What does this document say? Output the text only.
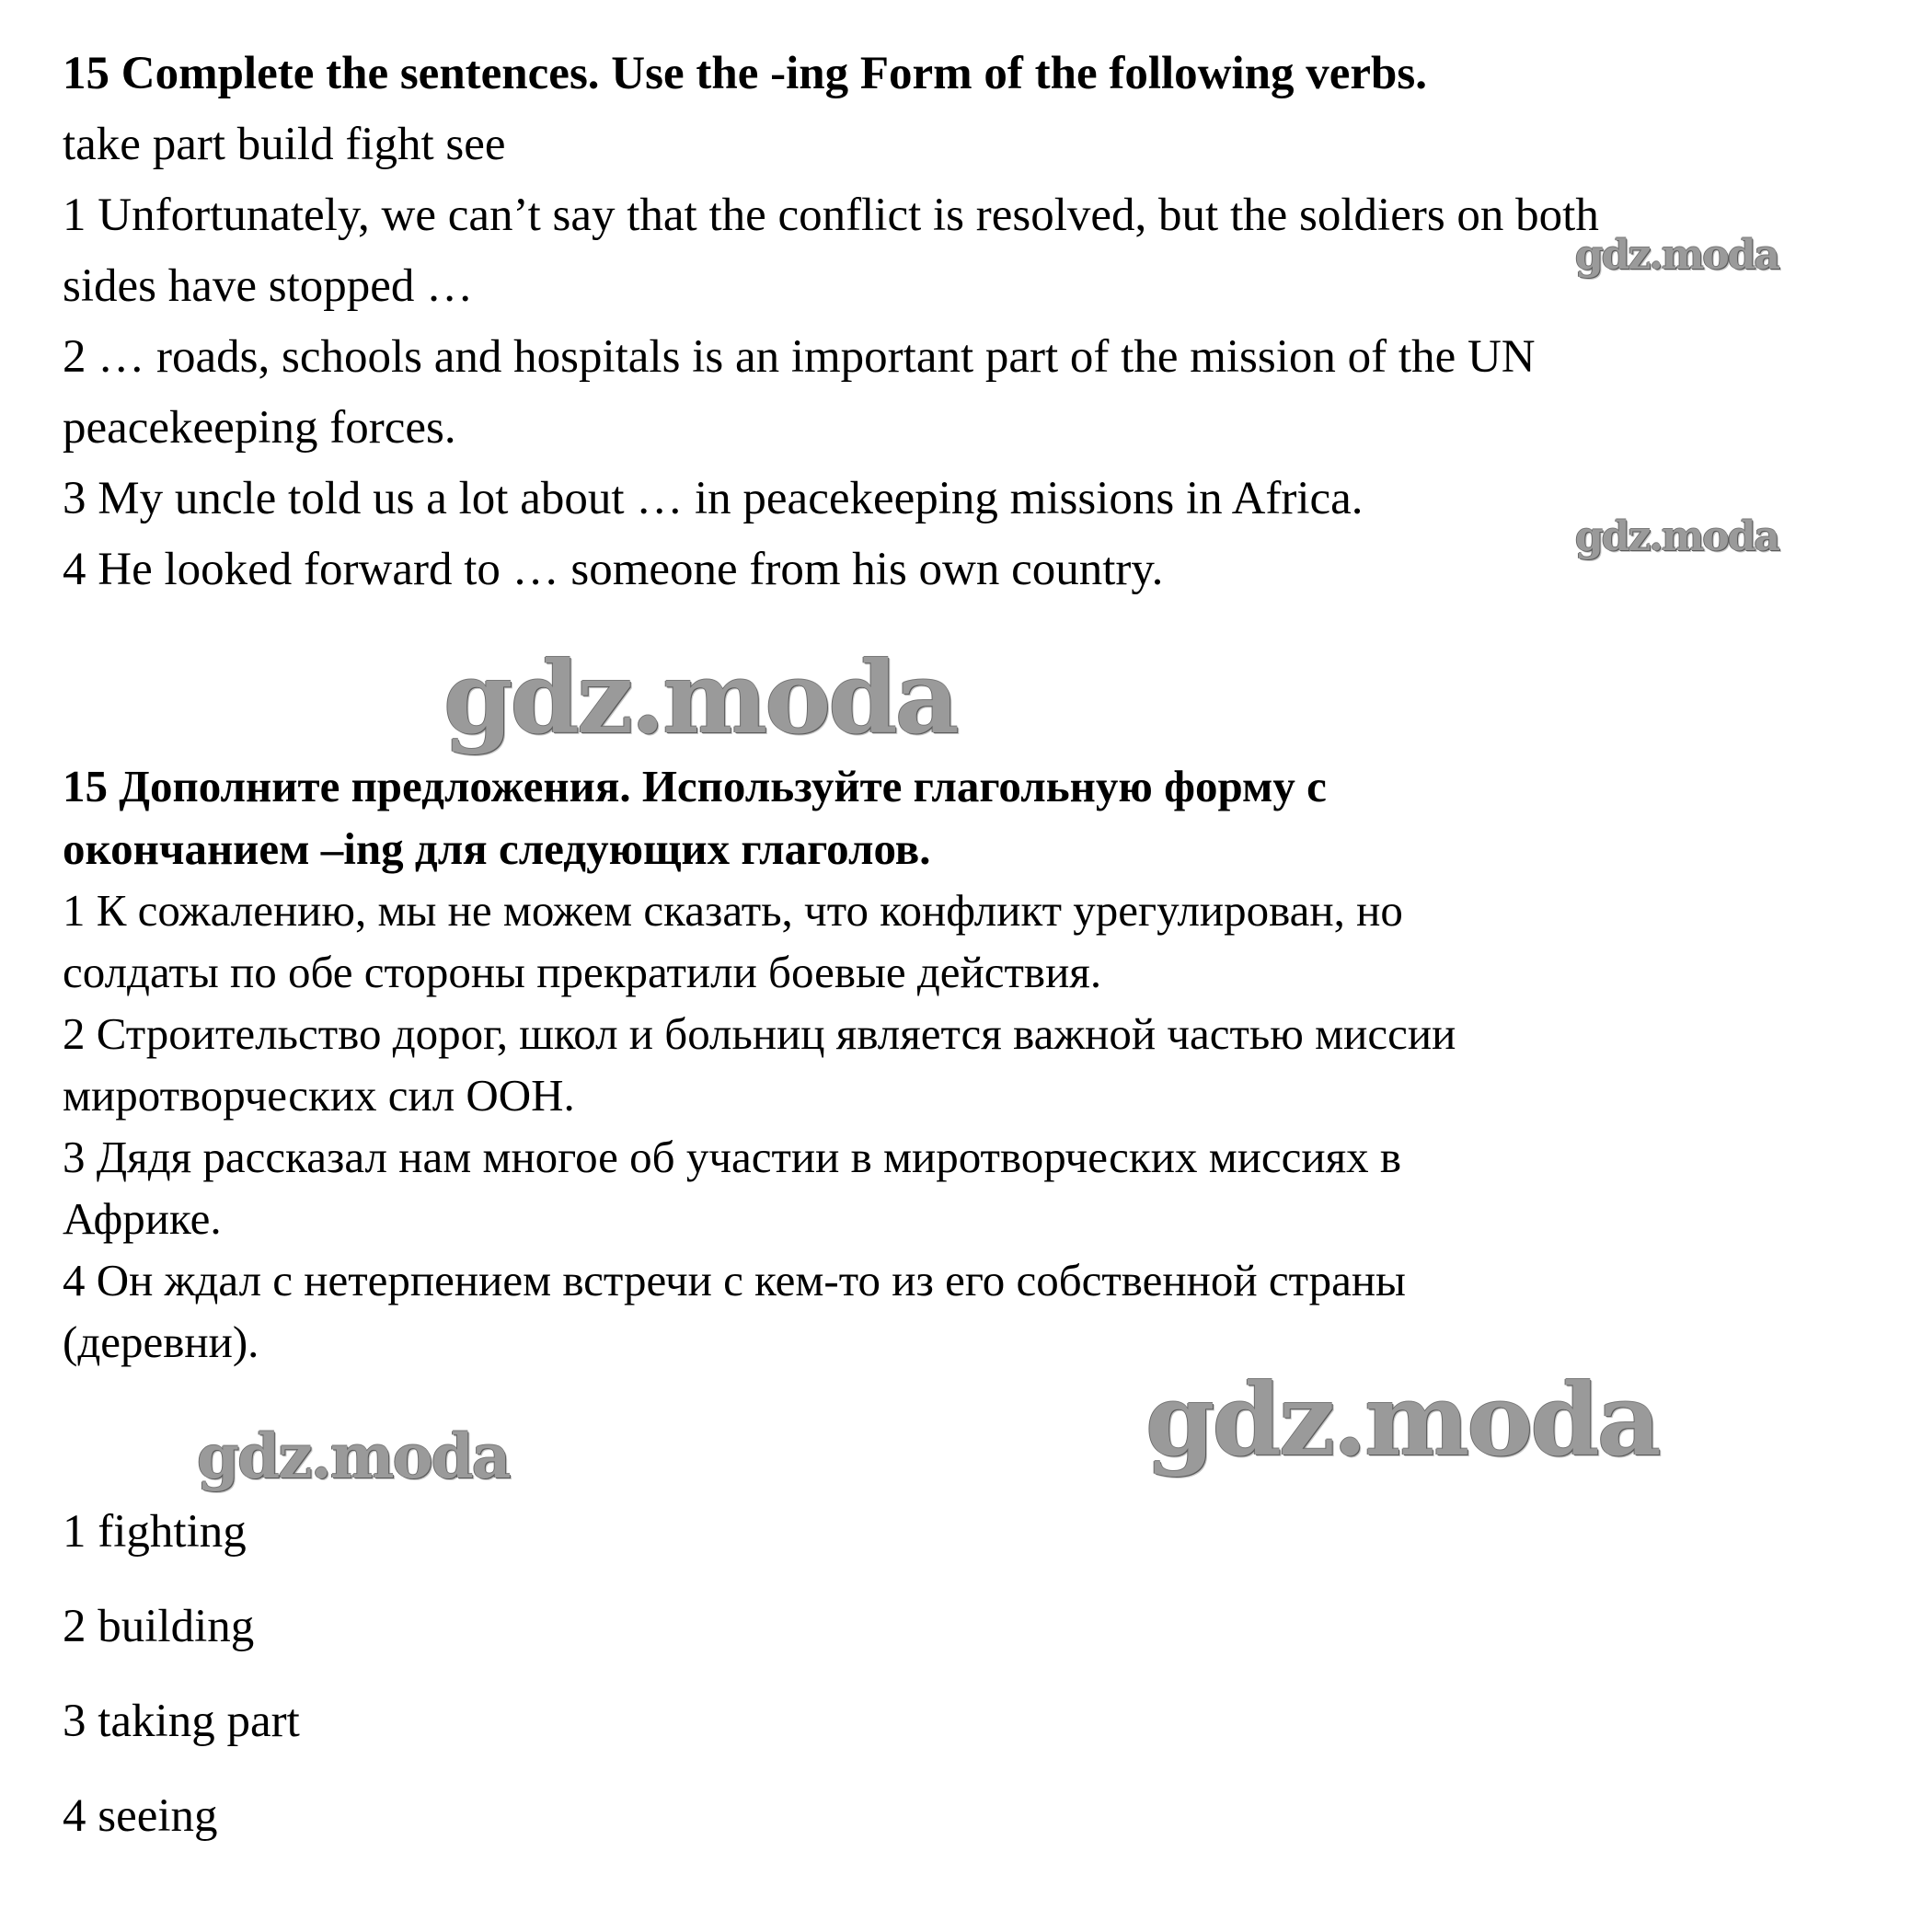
15 Complete the sentences. Use the -ing Form of the following verbs.
take part build fight see
1 Unfortunately, we can’t say that the conflict is resolved, but the soldiers on both
sides have stopped …
2 … roads, schools and hospitals is an important part of the mission of the UN
peacekeeping forces.
3 My uncle told us a lot about … in peacekeeping missions in Africa.
4 He looked forward to … someone from his own country.
15 Дополните предложения. Используйте глагольную форму с
окончанием –ing для следующих глаголов.
1 К сожалению, мы не можем сказать, что конфликт урегулирован, но
солдаты по обе стороны прекратили боевые действия.
2 Строительство дорог, школ и больниц является важной частью миссии
миротворческих сил ООН.
3 Дядя рассказал нам многое об участии в миротворческих миссиях в
Африке.
4 Он ждал с нетерпением встречи с кем-то из его собственной страны
(деревни).
1 fighting
2 building
3 taking part
4 seeing
gdz.moda
gdz.moda
gdz.moda
gdz.moda
gdz.moda
